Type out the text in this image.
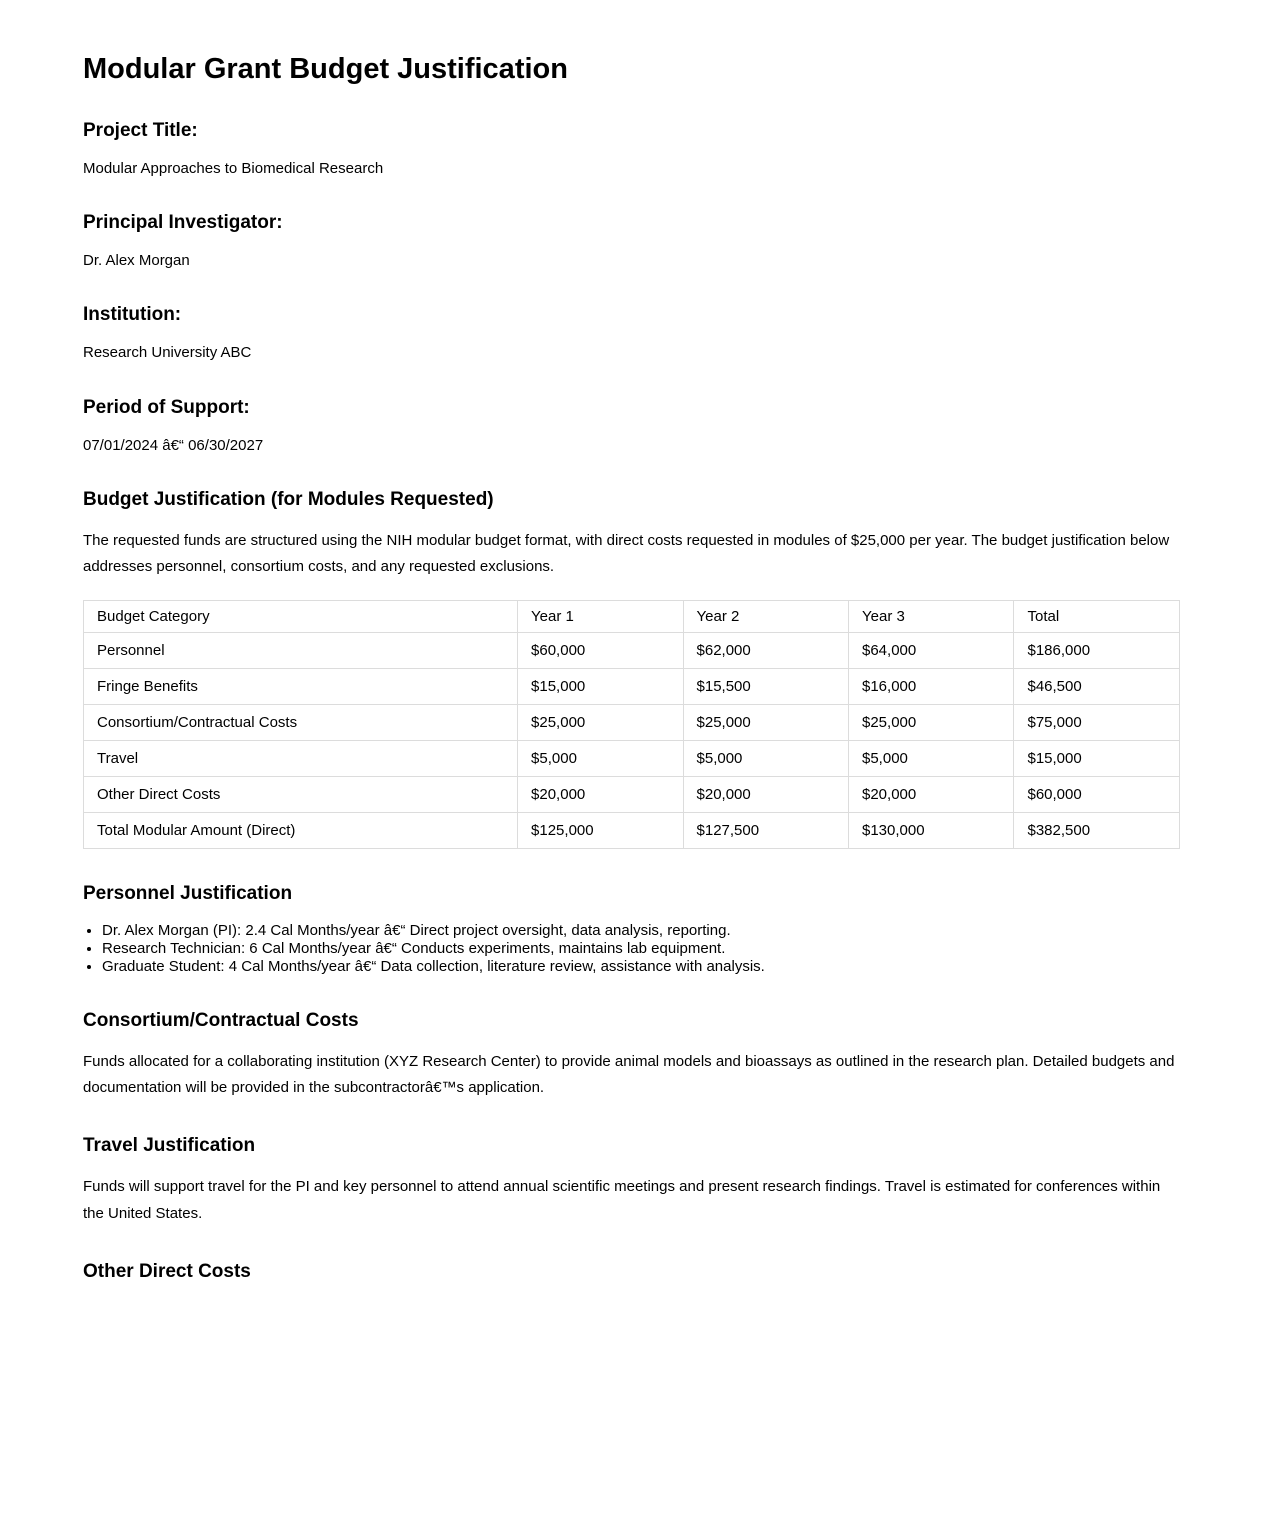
Modular Grant Budget Justification
Project Title:

Modular Approaches to Biomedical Research

Principal Investigator:

Dr. Alex Morgan

Institution:

Research University ABC

Period of Support:

07/01/2024 â€“ 06/30/2027

Budget Justification (for Modules Requested)

The requested funds are structured using the NIH modular budget format, with direct costs requested in modules of $25,000 per year. The budget justification below addresses personnel, consortium costs, and any requested exclusions.

Budget Category	Year 1	Year 2	Year 3	Total
Personnel	$60,000	$62,000	$64,000	$186,000
Fringe Benefits	$15,000	$15,500	$16,000	$46,500
Consortium/Contractual Costs	$25,000	$25,000	$25,000	$75,000
Travel	$5,000	$5,000	$5,000	$15,000
Other Direct Costs	$20,000	$20,000	$20,000	$60,000
Total Modular Amount (Direct)	$125,000	$127,500	$130,000	$382,500
Personnel Justification
• Dr. Alex Morgan (PI): 2.4 Cal Months/year â€“ Direct project oversight, data analysis, reporting.
• Research Technician: 6 Cal Months/year â€“ Conducts experiments, maintains lab equipment.
• Graduate Student: 4 Cal Months/year â€“ Data collection, literature review, assistance with analysis.
Consortium/Contractual Costs

Funds allocated for a collaborating institution (XYZ Research Center) to provide animal models and bioassays as outlined in the research plan. Detailed budgets and documentation will be provided in the subcontractorâ€™s application.

Travel Justification

Funds will support travel for the PI and key personnel to attend annual scientific meetings and present research findings. Travel is estimated for conferences within the United States.

Other Direct Costs
